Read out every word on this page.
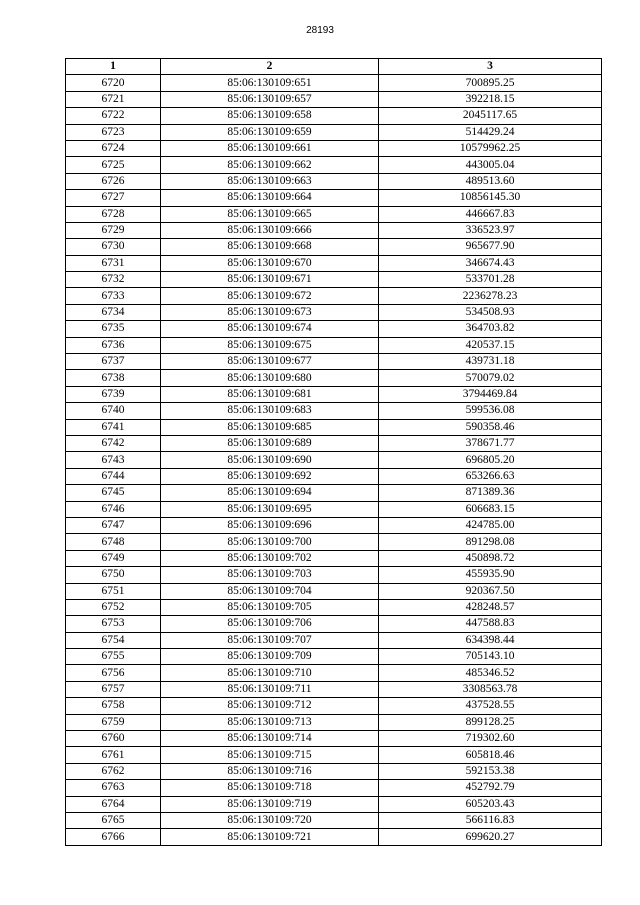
28193
1	2	3
6720	85:06:130109:651	700895.25
6721	85:06:130109:657	392218.15
6722	85:06:130109:658	2045117.65
6723	85:06:130109:659	514429.24
6724	85:06:130109:661	10579962.25
6725	85:06:130109:662	443005.04
6726	85:06:130109:663	489513.60
6727	85:06:130109:664	10856145.30
6728	85:06:130109:665	446667.83
6729	85:06:130109:666	336523.97
6730	85:06:130109:668	965677.90
6731	85:06:130109:670	346674.43
6732	85:06:130109:671	533701.28
6733	85:06:130109:672	2236278.23
6734	85:06:130109:673	534508.93
6735	85:06:130109:674	364703.82
6736	85:06:130109:675	420537.15
6737	85:06:130109:677	439731.18
6738	85:06:130109:680	570079.02
6739	85:06:130109:681	3794469.84
6740	85:06:130109:683	599536.08
6741	85:06:130109:685	590358.46
6742	85:06:130109:689	378671.77
6743	85:06:130109:690	696805.20
6744	85:06:130109:692	653266.63
6745	85:06:130109:694	871389.36
6746	85:06:130109:695	606683.15
6747	85:06:130109:696	424785.00
6748	85:06:130109:700	891298.08
6749	85:06:130109:702	450898.72
6750	85:06:130109:703	455935.90
6751	85:06:130109:704	920367.50
6752	85:06:130109:705	428248.57
6753	85:06:130109:706	447588.83
6754	85:06:130109:707	634398.44
6755	85:06:130109:709	705143.10
6756	85:06:130109:710	485346.52
6757	85:06:130109:711	3308563.78
6758	85:06:130109:712	437528.55
6759	85:06:130109:713	899128.25
6760	85:06:130109:714	719302.60
6761	85:06:130109:715	605818.46
6762	85:06:130109:716	592153.38
6763	85:06:130109:718	452792.79
6764	85:06:130109:719	605203.43
6765	85:06:130109:720	566116.83
6766	85:06:130109:721	699620.27
